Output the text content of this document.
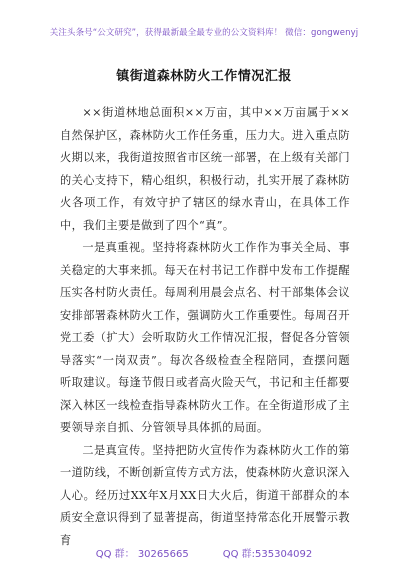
关注头条号“公文研究”，获得最新最全最专业的公文资料库！ 微信：gongwenyj
镇街道森林防火工作情况汇报

××街道林地总面积××万亩，其中××万亩属于××自然保护区，森林防火工作任务重，压力大。进入重点防火期以来，我街道按照省市区统一部署，在上级有关部门的关心支持下，精心组织，积极行动，扎实开展了森林防火各项工作，有效守护了辖区的绿水青山，在具体工作中，我们主要是做到了四个“真”。

一是真重视。坚持将森林防火工作作为事关全局、事关稳定的大事来抓。每天在村书记工作群中发布工作提醒压实各村防火责任。每周利用晨会点名、村干部集体会议安排部署森林防火工作，强调防火工作重要性。每周召开党工委（扩大）会听取防火工作情况汇报，督促各分管领导落实“一岗双责”。每次各级检查全程陪同，查摆问题听取建议。每逢节假日或者高火险天气，书记和主任都要深入林区一线检查指导森林防火工作。在全街道形成了主要领导亲自抓、分管领导具体抓的局面。

二是真宣传。坚持把防火宣传作为森林防火工作的第一道防线，不断创新宣传方式方法，使森林防火意识深入人心。经历过XX年X月XX日大火后，街道干部群众的本质安全意识得到了显著提高，街道坚持常态化开展警示教育

QQ 群： 30265665	QQ 群:535304092
